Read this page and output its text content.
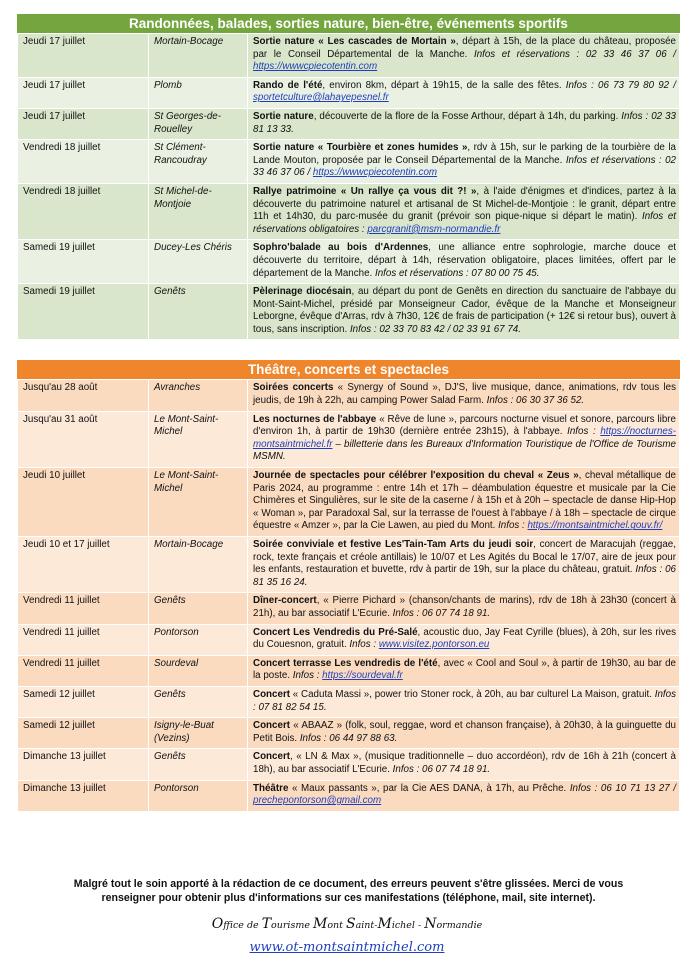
Randonnées, balades, sorties nature, bien-être, événements sportifs
Jeudi 17 juillet	Mortain-Bocage	Sortie nature « Les cascades de Mortain », départ à 15h, de la place du château, proposée par le Conseil Départemental de la Manche. Infos et réservations : 02 33 46 37 06 / https://wwwcpiecotentin.com
Jeudi 17 juillet	Plomb	Rando de l'été, environ 8km, départ à 19h15, de la salle des fêtes. Infos : 06 73 79 80 92 / sportetculture@lahayepesnel.fr
Jeudi 17 juillet	St Georges-de-Rouelley	Sortie nature, découverte de la flore de la Fosse Arthour, départ à 14h, du parking. Infos : 02 33 81 13 33.
Vendredi 18 juillet	St Clément-Rancoudray	Sortie nature « Tourbière et zones humides », rdv à 15h, sur le parking de la tourbière de la Lande Mouton, proposée par le Conseil Départemental de la Manche. Infos et réservations : 02 33 46 37 06 / https://wwwcpiecotentin.com
Vendredi 18 juillet	St Michel-de-Montjoie	Rallye patrimoine « Un rallye ça vous dit ?! », à l'aide d'énigmes et d'indices, partez à la découverte du patrimoine naturel et artisanal de St Michel-de-Montjoie : le granit, départ entre 11h et 14h30, du parc-musée du granit (prévoir son pique-nique si départ le matin). Infos et réservations obligatoires : parcgranit@msm-normandie.fr
Samedi 19 juillet	Ducey-Les Chéris	Sophro'balade au bois d'Ardennes, une alliance entre sophrologie, marche douce et découverte du territoire, départ à 14h, réservation obligatoire, places limitées, offert par le département de la Manche. Infos et réservations : 07 80 00 75 45.
Samedi 19 juillet	Genêts	Pèlerinage diocésain, au départ du pont de Genêts en direction du sanctuaire de l'abbaye du Mont-Saint-Michel, présidé par Monseigneur Cador, évêque de la Manche et Monseigneur Leborgne, évêque d'Arras, rdv à 7h30, 12€ de frais de participation (+ 12€ si retour bus), ouvert à tous, sans inscription. Infos : 02 33 70 83 42 / 02 33 91 67 74.
Théâtre, concerts et spectacles
Jusqu'au 28 août	Avranches	Soirées concerts « Synergy of Sound », DJ'S, live musique, dance, animations, rdv tous les jeudis, de 19h à 22h, au camping Power Salad Farm. Infos : 06 30 37 36 52.
Jusqu'au 31 août	Le Mont-Saint-Michel	Les nocturnes de l'abbaye « Rêve de lune », parcours nocturne visuel et sonore, parcours libre d'environ 1h, à partir de 19h30 (dernière entrée 23h15), à l'abbaye. Infos : https://nocturnes-montsaintmichel.fr – billetterie dans les Bureaux d'Information Touristique de l'Office de Tourisme MSMN.
Jeudi 10 juillet	Le Mont-Saint-Michel	Journée de spectacles pour célébrer l'exposition du cheval « Zeus », cheval métallique de Paris 2024, au programme : entre 14h et 17h – déambulation équestre et musicale par la Cie Chimères et Singulières, sur le site de la caserne / à 15h et à 20h – spectacle de danse Hip-Hop « Woman », par Paradoxal Sal, sur la terrasse de l'ouest à l'abbaye / à 18h – spectacle de cirque équestre « Amzer », par la Cie Lawen, au pied du Mont. Infos : https://montsaintmichel.gouv.fr/
Jeudi 10 et 17 juillet	Mortain-Bocage	Soirée conviviale et festive Les'Tain-Tam Arts du jeudi soir, concert de Maracujah (reggae, rock, texte français et créole antillais) le 10/07 et Les Agités du Bocal le 17/07, aire de jeux pour les enfants, restauration et buvette, rdv à partir de 19h, sur la place du château, gratuit. Infos : 06 81 35 16 24.
Vendredi 11 juillet	Genêts	Dîner-concert, « Pierre Pichard » (chanson/chants de marins), rdv de 18h à 23h30 (concert à 21h), au bar associatif L'Ecurie. Infos : 06 07 74 18 91.
Vendredi 11 juillet	Pontorson	Concert Les Vendredis du Pré-Salé, acoustic duo, Jay Feat Cyrille (blues), à 20h, sur les rives du Couesnon, gratuit. Infos : www.visitez.pontorson.eu
Vendredi 11 juillet	Sourdeval	Concert terrasse Les vendredis de l'été, avec « Cool and Soul », à partir de 19h30, au bar de la poste. Infos : https://sourdeval.fr
Samedi 12 juillet	Genêts	Concert « Caduta Massi », power trio Stoner rock, à 20h, au bar culturel La Maison, gratuit. Infos : 07 81 82 54 15.
Samedi 12 juillet	Isigny-le-Buat (Vezins)	Concert « ABAAZ » (folk, soul, reggae, word et chanson française), à 20h30, à la guinguette du Petit Bois. Infos : 06 44 97 88 63.
Dimanche 13 juillet	Genêts	Concert, « LN & Max », (musique traditionnelle – duo accordéon), rdv de 16h à 21h (concert à 18h), au bar associatif L'Ecurie. Infos : 06 07 74 18 91.
Dimanche 13 juillet	Pontorson	Théâtre « Maux passants », par la Cie AES DANA, à 17h, au Prêche. Infos : 06 10 71 13 27 / prechepontorson@gmail.com
Malgré tout le soin apporté à la rédaction de ce document, des erreurs peuvent s'être glissées. Merci de vous
renseigner pour obtenir plus d'informations sur ces manifestations (téléphone, mail, site internet).
Office de Tourisme Mont Saint-Michel - Normandie
www.ot-montsaintmichel.com
